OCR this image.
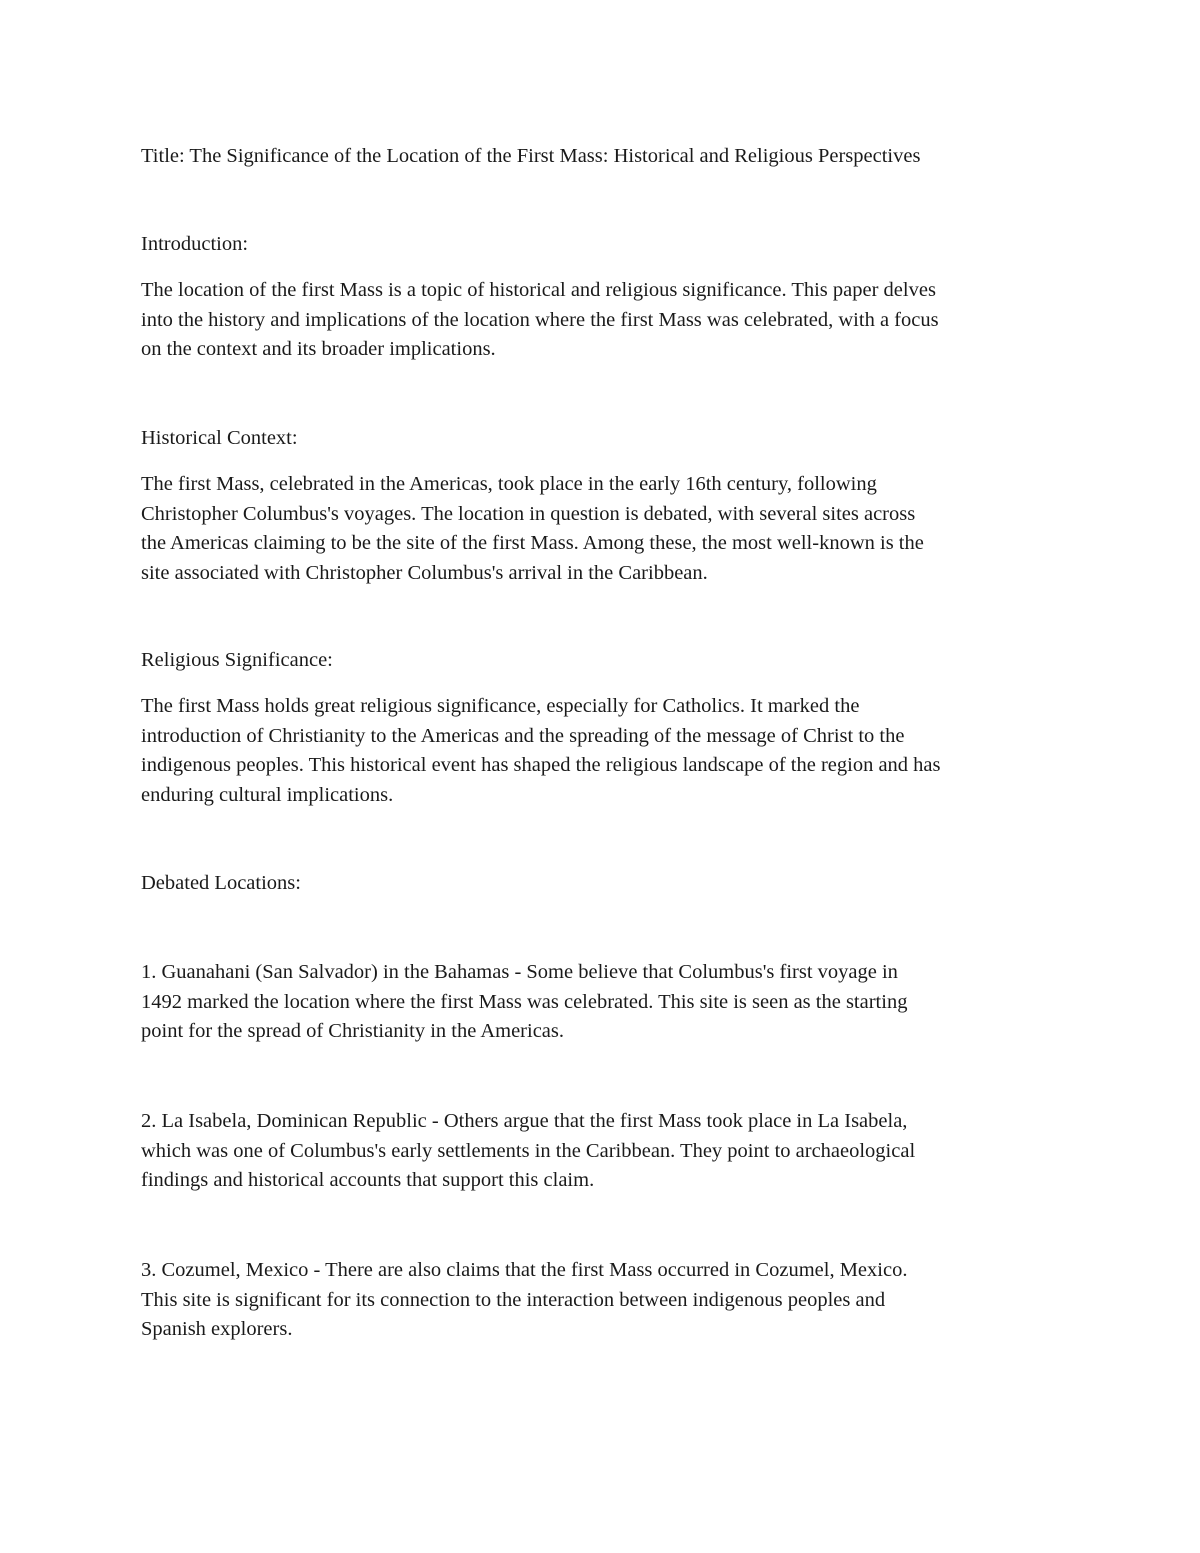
Title: The Significance of the Location of the First Mass: Historical and Religious Perspectives

Introduction:

The location of the first Mass is a topic of historical and religious significance. This paper delves
into the history and implications of the location where the first Mass was celebrated, with a focus
on the context and its broader implications.

Historical Context:

The first Mass, celebrated in the Americas, took place in the early 16th century, following
Christopher Columbus's voyages. The location in question is debated, with several sites across
the Americas claiming to be the site of the first Mass. Among these, the most well-known is the
site associated with Christopher Columbus's arrival in the Caribbean.

Religious Significance:

The first Mass holds great religious significance, especially for Catholics. It marked the
introduction of Christianity to the Americas and the spreading of the message of Christ to the
indigenous peoples. This historical event has shaped the religious landscape of the region and has
enduring cultural implications.

Debated Locations:

1. Guanahani (San Salvador) in the Bahamas - Some believe that Columbus's first voyage in
1492 marked the location where the first Mass was celebrated. This site is seen as the starting
point for the spread of Christianity in the Americas.

2. La Isabela, Dominican Republic - Others argue that the first Mass took place in La Isabela,
which was one of Columbus's early settlements in the Caribbean. They point to archaeological
findings and historical accounts that support this claim.

3. Cozumel, Mexico - There are also claims that the first Mass occurred in Cozumel, Mexico.
This site is significant for its connection to the interaction between indigenous peoples and
Spanish explorers.
